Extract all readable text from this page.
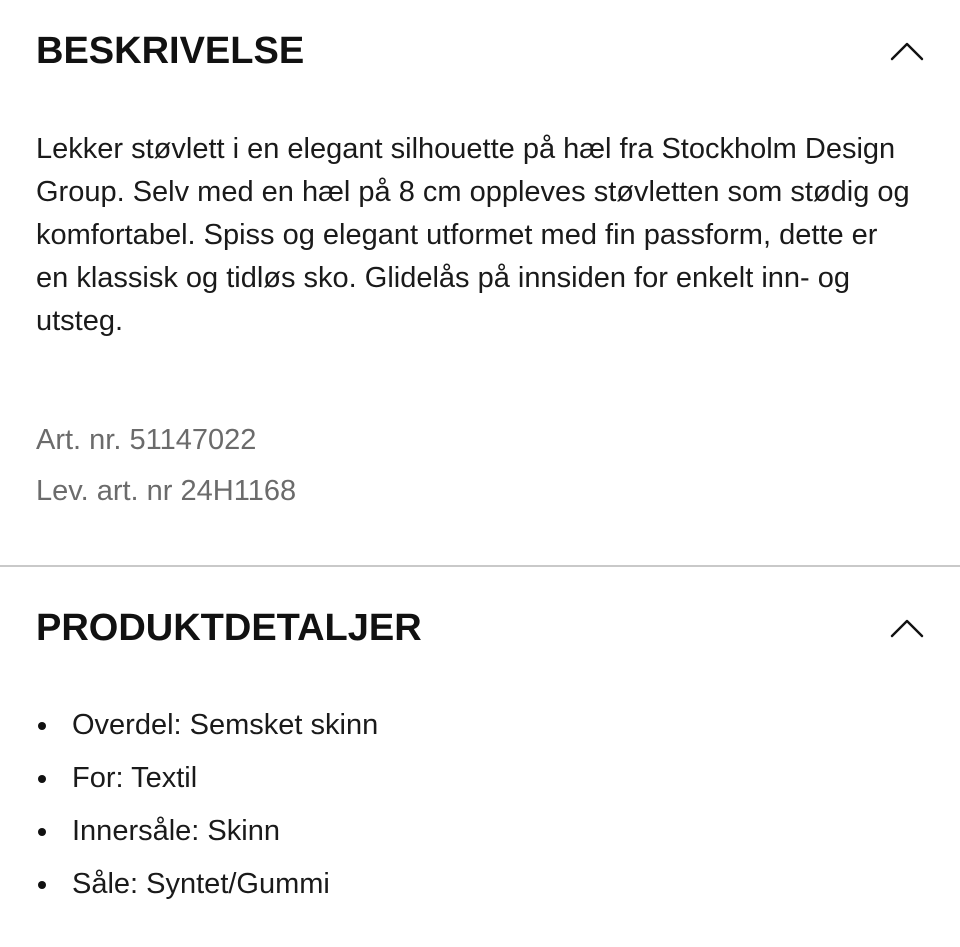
BESKRIVELSE
Lekker støvlett i en elegant silhouette på hæl fra Stockholm Design Group. Selv med en hæl på 8 cm oppleves støvletten som stødig og komfortabel. Spiss og elegant utformet med fin passform, dette er en klassisk og tidløs sko. Glidelås på innsiden for enkelt inn- og utsteg.
Art. nr. 51147022
Lev. art. nr 24H1168
PRODUKTDETALJER
Overdel: Semsket skinn
For: Textil
Innersåle: Skinn
Såle: Syntet/Gummi
